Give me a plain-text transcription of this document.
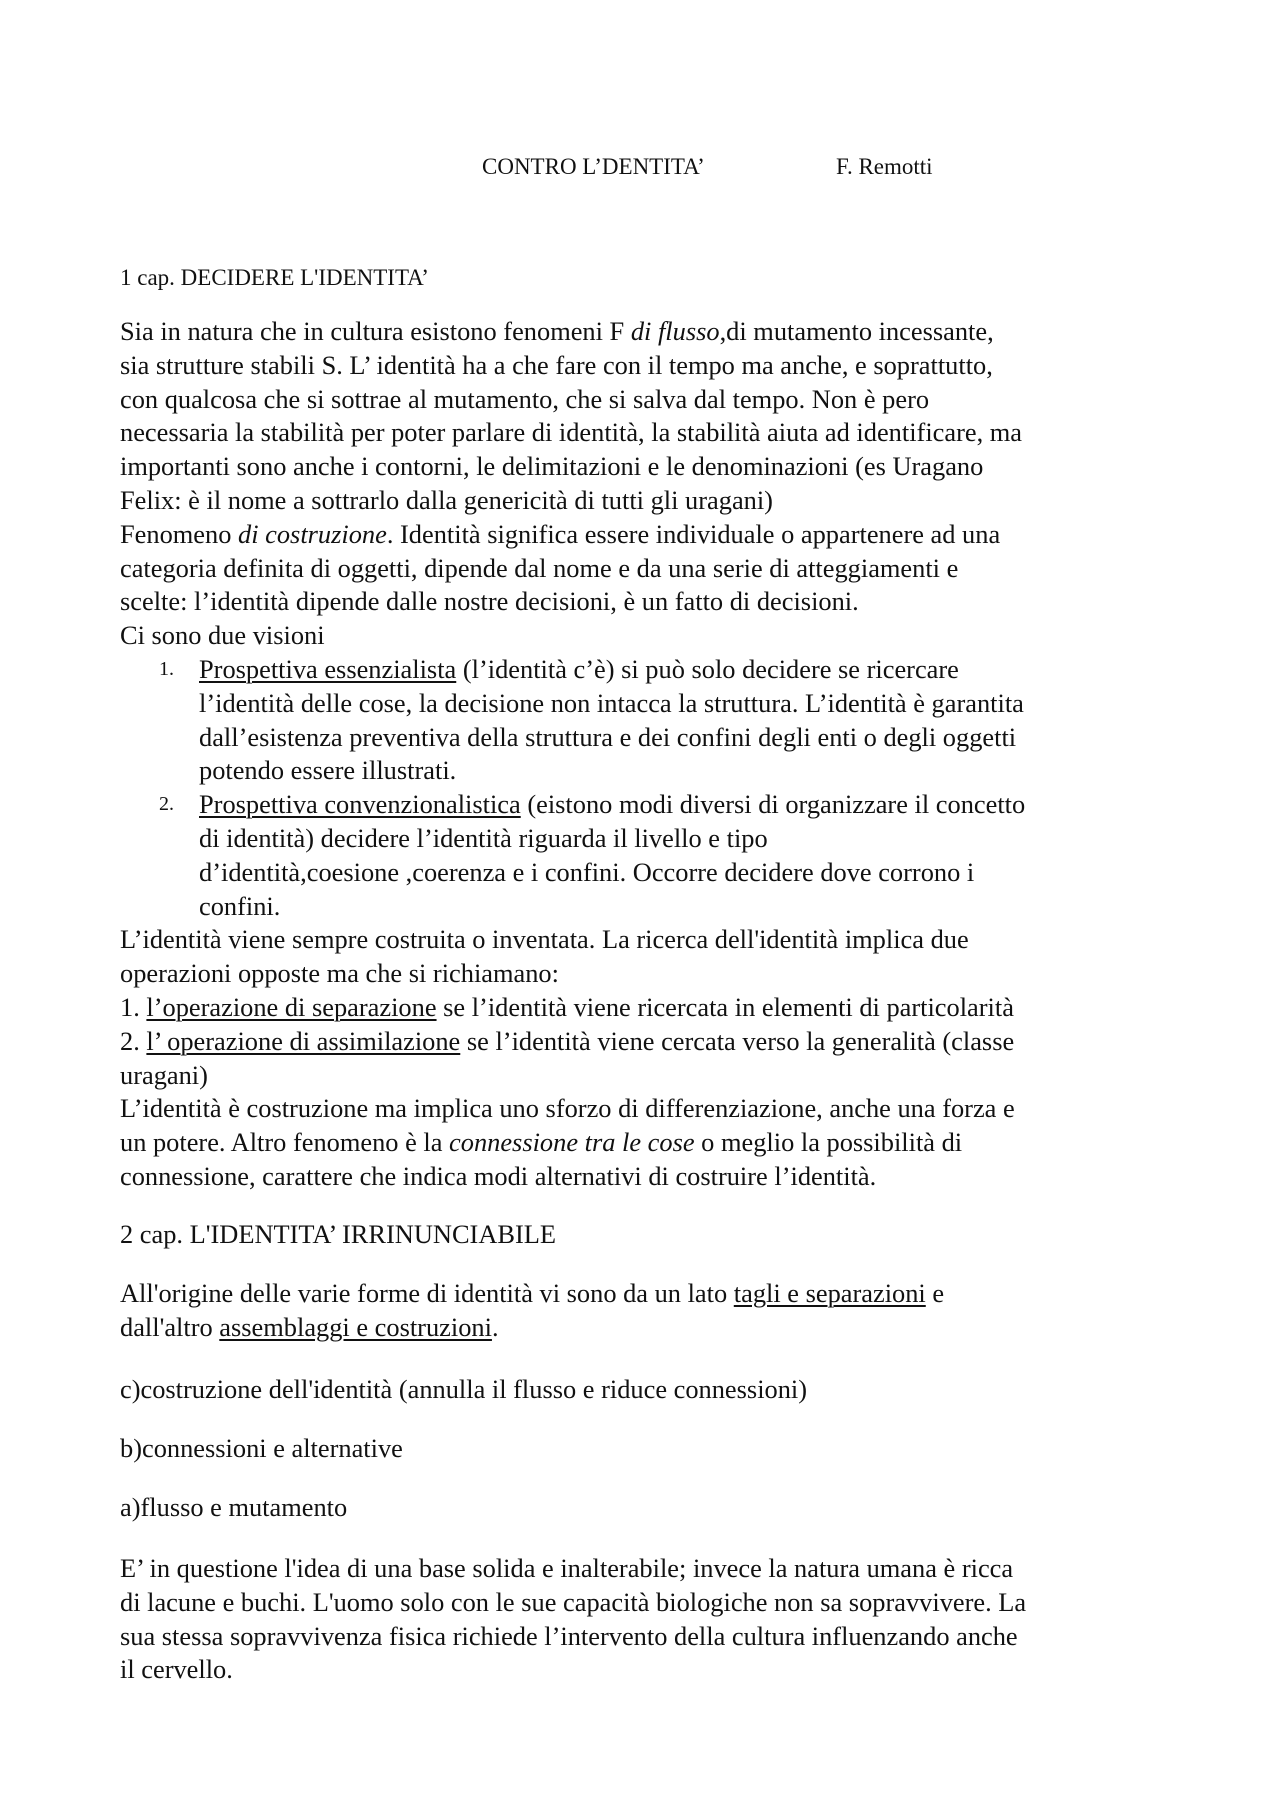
CONTRO L’DENTITA’	F. Remotti
1 cap. DECIDERE L'IDENTITA’

Sia in natura che in cultura esistono fenomeni F di flusso,di mutamento incessante,

sia strutture stabili S. L’ identità ha a che fare con il tempo ma anche, e soprattutto,

con qualcosa che si sottrae al mutamento, che si salva dal tempo. Non è pero

necessaria la stabilità per poter parlare di identità, la stabilità aiuta ad identificare, ma

importanti sono anche i contorni, le delimitazioni e le denominazioni (es Uragano

Felix: è il nome a sottrarlo dalla genericità di tutti gli uragani)

Fenomeno di costruzione. Identità significa essere individuale o appartenere ad una

categoria definita di oggetti, dipende dal nome e da una serie di atteggiamenti e

scelte: l’identità dipende dalle nostre decisioni, è un fatto di decisioni.

Ci sono due visioni

1. Prospettiva essenzialista (l’identità c’è) si può solo decidere se ricercare
l’identità delle cose, la decisione non intacca la struttura. L’identità è garantita
dall’esistenza preventiva della struttura e dei confini degli enti o degli oggetti
potendo essere illustrati.
2. Prospettiva convenzionalistica (eistono modi diversi di organizzare il concetto
di identità) decidere l’identità riguarda il livello e tipo
d’identità,coesione ,coerenza e i confini. Occorre decidere dove corrono i
confini.

L’identità viene sempre costruita o inventata. La ricerca dell'identità implica due

operazioni opposte ma che si richiamano:

1. l’operazione di separazione se l’identità viene ricercata in elementi di particolarità

2. l’ operazione di assimilazione se l’identità viene cercata verso la generalità (classe

uragani)

L’identità è costruzione ma implica uno sforzo di differenziazione, anche una forza e

un potere. Altro fenomeno è la connessione tra le cose o meglio la possibilità di

connessione, carattere che indica modi alternativi di costruire l’identità.

2 cap. L'IDENTITA’ IRRINUNCIABILE

All'origine delle varie forme di identità vi sono da un lato tagli e separazioni e

dall'altro assemblaggi e costruzioni.

c)costruzione dell'identità (annulla il flusso e riduce connessioni)
b)connessioni e alternative
a)flusso e mutamento

E’ in questione l'idea di una base solida e inalterabile; invece la natura umana è ricca

di lacune e buchi. L'uomo solo con le sue capacità biologiche non sa sopravvivere. La

sua stessa sopravvivenza fisica richiede l’intervento della cultura influenzando anche

il cervello.
